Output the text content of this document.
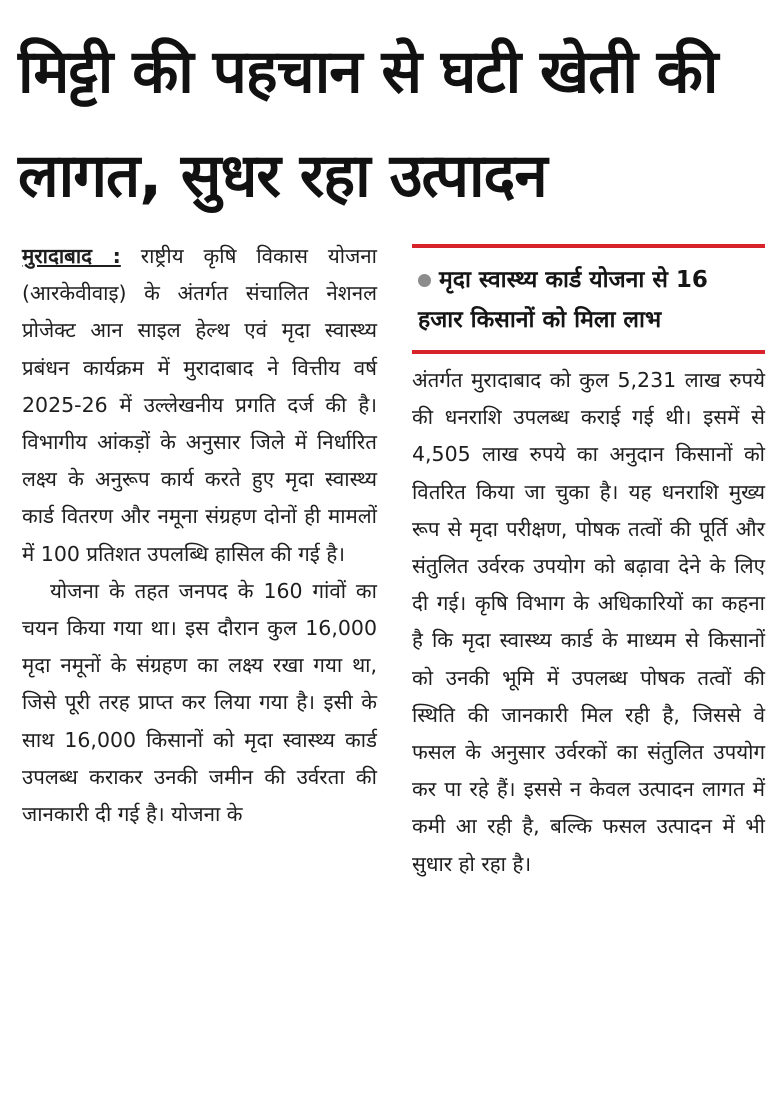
मिट्टी की पहचान से घटी खेती की लागत, सुधर रहा उत्पादन

मुरादाबाद : राष्ट्रीय कृषि विकास योजना (आरकेवीवाइ) के अंतर्गत संचालित नेशनल प्रोजेक्ट आन साइल हेल्थ एवं मृदा स्वास्थ्य प्रबंधन कार्यक्रम में मुरादाबाद ने वित्तीय वर्ष 2025-26 में उल्लेखनीय प्रगति दर्ज की है। विभागीय आंकड़ों के अनुसार जिले में निर्धारित लक्ष्य के अनुरूप कार्य करते हुए मृदा स्वास्थ्य कार्ड वितरण और नमूना संग्रहण दोनों ही मामलों में 100 प्रतिशत उपलब्धि हासिल की गई है।

योजना के तहत जनपद के 160 गांवों का चयन किया गया था। इस दौरान कुल 16,000 मृदा नमूनों के संग्रहण का लक्ष्य रखा गया था, जिसे पूरी तरह प्राप्त कर लिया गया है। इसी के साथ 16,000 किसानों को मृदा स्वास्थ्य कार्ड उपलब्ध कराकर उनकी जमीन की उर्वरता की जानकारी दी गई है। योजना के

मृदा स्वास्थ्य कार्ड योजना से 16 हजार किसानों को मिला लाभ

अंतर्गत मुरादाबाद को कुल 5,231 लाख रुपये की धनराशि उपलब्ध कराई गई थी। इसमें से 4,505 लाख रुपये का अनुदान किसानों को वितरित किया जा चुका है। यह धनराशि मुख्य रूप से मृदा परीक्षण, पोषक तत्वों की पूर्ति और संतुलित उर्वरक उपयोग को बढ़ावा देने के लिए दी गई। कृषि विभाग के अधिकारियों का कहना है कि मृदा स्वास्थ्य कार्ड के माध्यम से किसानों को उनकी भूमि में उपलब्ध पोषक तत्वों की स्थिति की जानकारी मिल रही है, जिससे वे फसल के अनुसार उर्वरकों का संतुलित उपयोग कर पा रहे हैं। इससे न केवल उत्पादन लागत में कमी आ रही है, बल्कि फसल उत्पादन में भी सुधार हो रहा है।
